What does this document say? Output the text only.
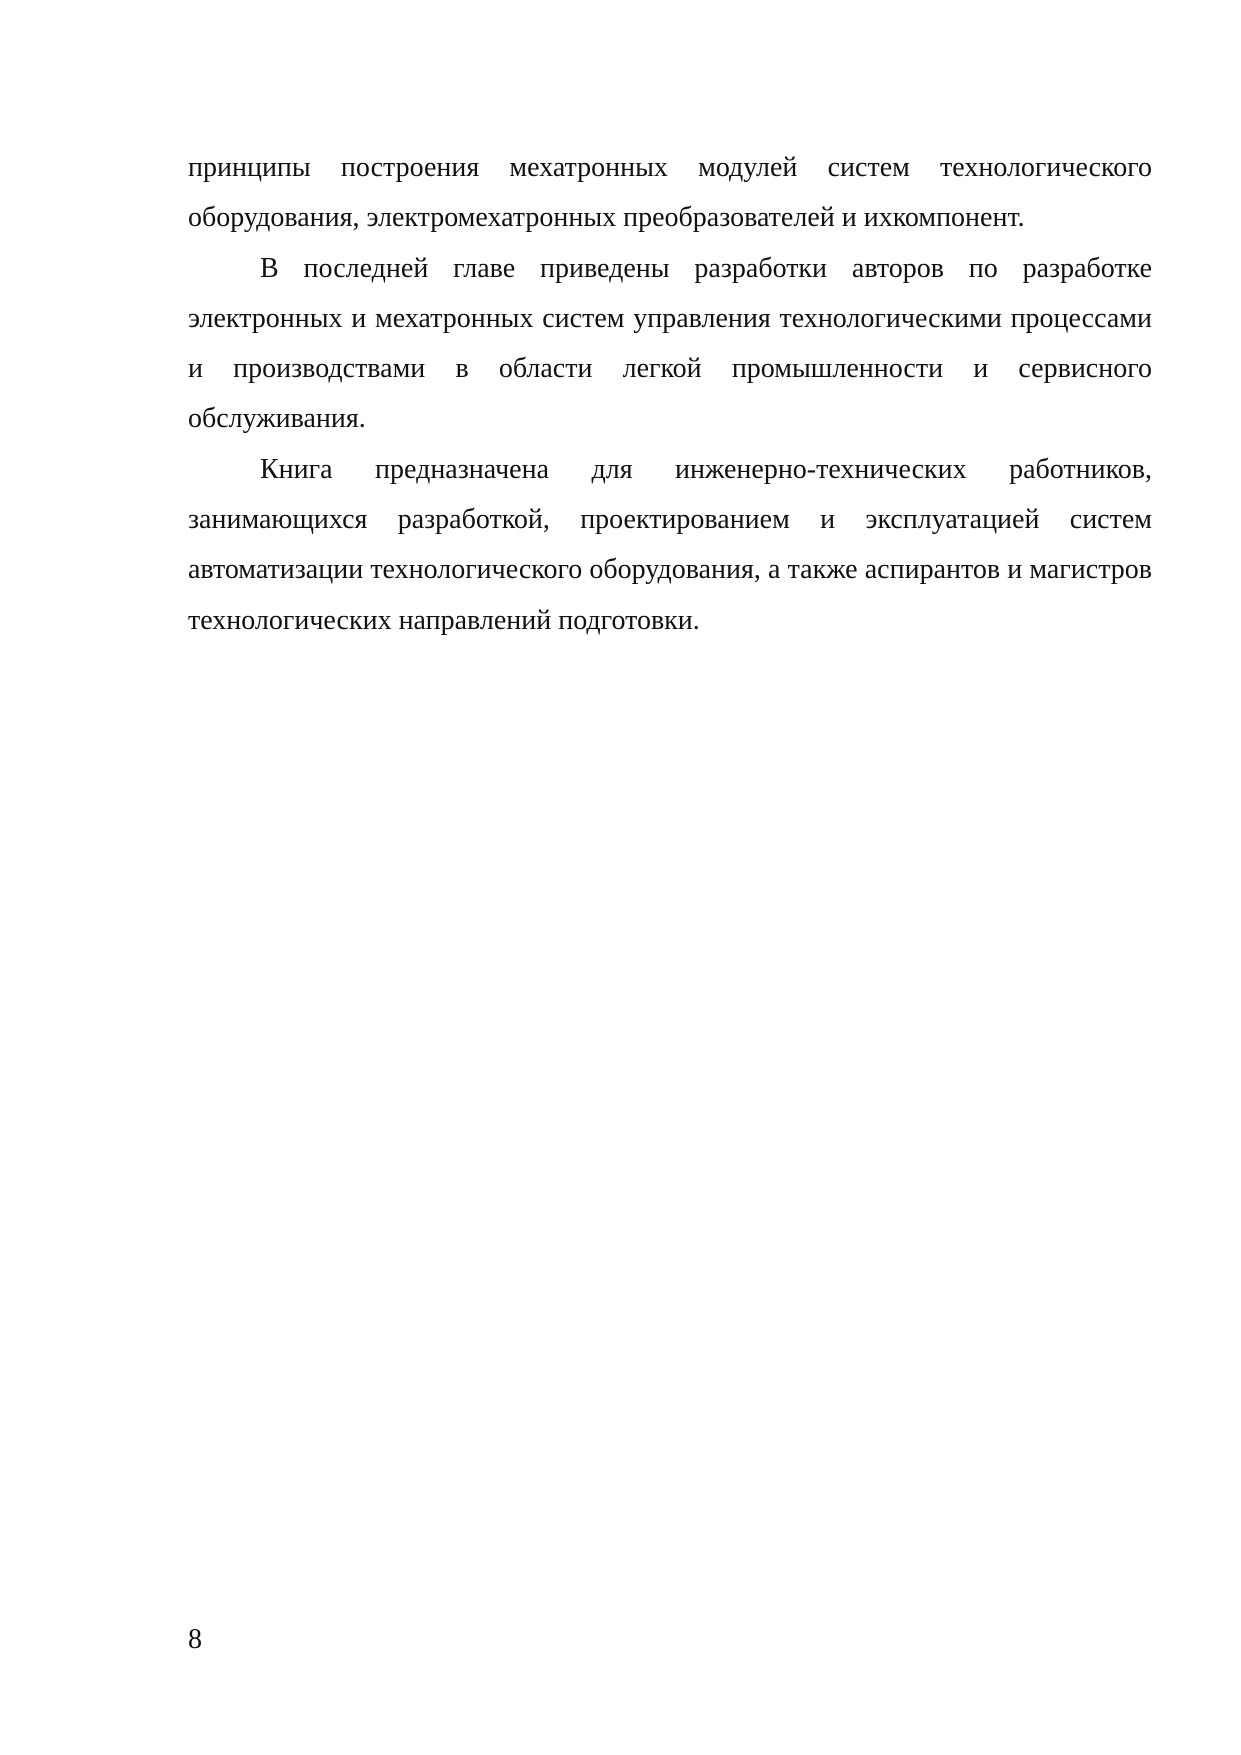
принципы построения мехатронных модулей систем технологического оборудования, электромехатронных преобразователей и ихкомпонент.

В последней главе приведены разработки авторов по разработке электронных и мехатронных систем управления технологическими процессами и производствами в области легкой промышленности и сервисного обслуживания.

Книга предназначена для инженерно-технических работников, занимающихся разработкой, проектированием и эксплуатацией систем автоматизации технологического оборудования, а также аспирантов и магистров технологических направлений подготовки.

8
